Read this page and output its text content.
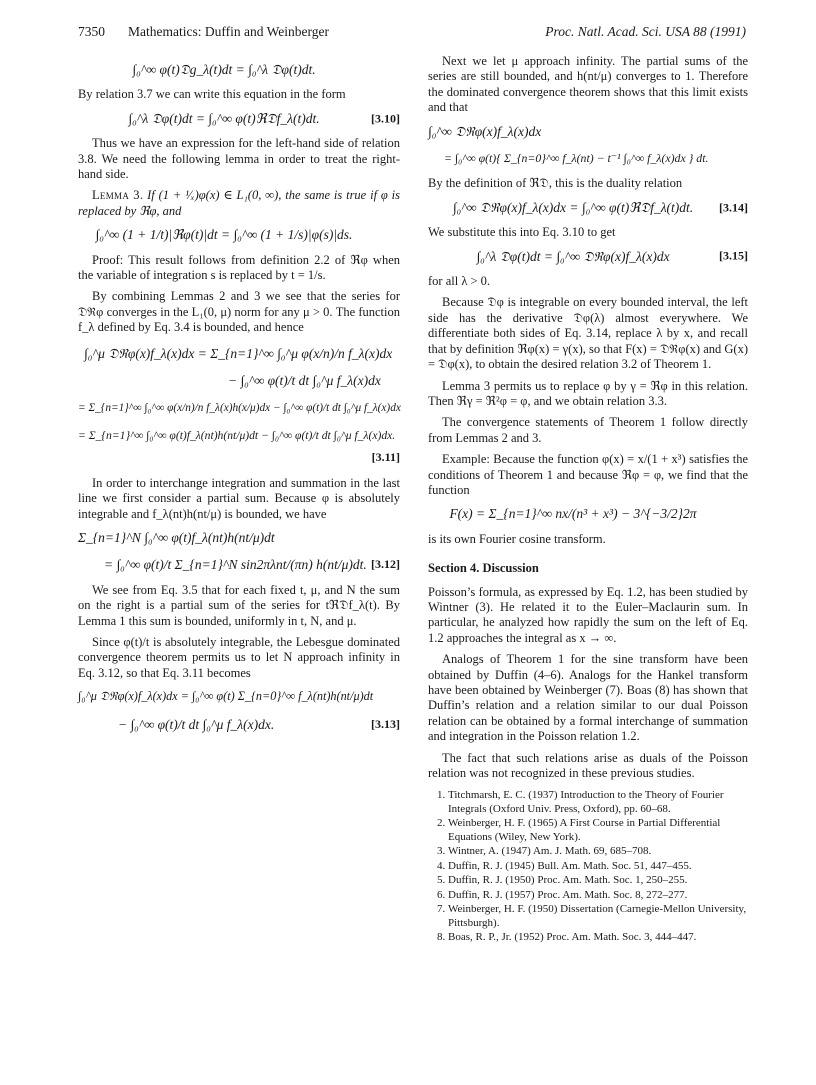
7350 Mathematics: Duffin and Weinberger	Proc. Natl. Acad. Sci. USA 88 (1991)
∫₀^∞ φ(t)𝔇g_λ(t)dt = ∫₀^λ 𝔇φ(t)dt.

By relation 3.7 we can write this equation in the form

∫₀^λ 𝔇φ(t)dt = ∫₀^∞ φ(t)ℜ𝔇f_λ(t)dt.	[3.10]

Thus we have an expression for the left-hand side of relation 3.8. We need the following lemma in order to treat the right-hand side.

Lemma 3. If (1 + ¹⁄ₓ)φ(x) ∈ L₁(0, ∞), the same is true if φ is replaced by ℜφ, and

∫₀^∞ (1 + 1/t)|ℜφ(t)|dt = ∫₀^∞ (1 + 1/s)|φ(s)|ds.

Proof: This result follows from definition 2.2 of ℜφ when the variable of integration s is replaced by t = 1/s.

By combining Lemmas 2 and 3 we see that the series for 𝔇ℜφ converges in the L₁(0, μ) norm for any μ > 0. The function f_λ defined by Eq. 3.4 is bounded, and hence

∫₀^μ 𝔇ℜφ(x)f_λ(x)dx = Σ_{n=1}^∞ ∫₀^μ φ(x/n)/n f_λ(x)dx
− ∫₀^∞ φ(t)/t dt ∫₀^μ f_λ(x)dx
= Σ_{n=1}^∞ ∫₀^∞ φ(x/n)/n f_λ(x)h(x/μ)dx − ∫₀^∞ φ(t)/t dt ∫₀^μ f_λ(x)dx
= Σ_{n=1}^∞ ∫₀^∞ φ(t)f_λ(nt)h(nt/μ)dt − ∫₀^∞ φ(t)/t dt ∫₀^μ f_λ(x)dx.
[3.11]

In order to interchange integration and summation in the last line we first consider a partial sum. Because φ is absolutely integrable and f_λ(nt)h(nt/μ) is bounded, we have

Σ_{n=1}^N ∫₀^∞ φ(t)f_λ(nt)h(nt/μ)dt
= ∫₀^∞ φ(t)/t Σ_{n=1}^N sin2πλnt/(πn) h(nt/μ)dt. [3.12]

We see from Eq. 3.5 that for each fixed t, μ, and N the sum on the right is a partial sum of the series for tℜ𝔇f_λ(t). By Lemma 1 this sum is bounded, uniformly in t, N, and μ.

Since φ(t)/t is absolutely integrable, the Lebesgue dominated convergence theorem permits us to let N approach infinity in Eq. 3.12, so that Eq. 3.11 becomes

∫₀^μ 𝔇ℜφ(x)f_λ(x)dx = ∫₀^∞ φ(t) Σ_{n=0}^∞ f_λ(nt)h(nt/μ)dt
− ∫₀^∞ φ(t)/t dt ∫₀^μ f_λ(x)dx.	[3.13]

Next we let μ approach infinity. The partial sums of the series are still bounded, and h(nt/μ) converges to 1. Therefore the dominated convergence theorem shows that this limit exists and that

∫₀^∞ 𝔇ℜφ(x)f_λ(x)dx
= ∫₀^∞ φ(t){ Σ_{n=0}^∞ f_λ(nt) − t⁻¹ ∫₀^∞ f_λ(x)dx } dt.

By the definition of ℜ𝔇, this is the duality relation

∫₀^∞ 𝔇ℜφ(x)f_λ(x)dx = ∫₀^∞ φ(t)ℜ𝔇f_λ(t)dt. [3.14]

We substitute this into Eq. 3.10 to get

∫₀^λ 𝔇φ(t)dt = ∫₀^∞ 𝔇ℜφ(x)f_λ(x)dx	[3.15]

for all λ > 0.

Because 𝔇φ is integrable on every bounded interval, the left side has the derivative 𝔇φ(λ) almost everywhere. We differentiate both sides of Eq. 3.14, replace λ by x, and recall that by definition ℜφ(x) = γ(x), so that F(x) = 𝔇ℜφ(x) and G(x) = 𝔇φ(x), to obtain the desired relation 3.2 of Theorem 1.

Lemma 3 permits us to replace φ by γ = ℜφ in this relation. Then ℜγ = ℜ²φ = φ, and we obtain relation 3.3.

The convergence statements of Theorem 1 follow directly from Lemmas 2 and 3.

Example: Because the function φ(x) = x/(1 + x³) satisfies the conditions of Theorem 1 and because ℜφ = φ, we find that the function

F(x) = Σ_{n=1}^∞ nx/(n³ + x³) − 3^{−3/2}2π

is its own Fourier cosine transform.

Section 4. Discussion

Poisson’s formula, as expressed by Eq. 1.2, has been studied by Wintner (3). He related it to the Euler–Maclaurin sum. In particular, he analyzed how rapidly the sum on the left of Eq. 1.2 approaches the integral as x → ∞.

Analogs of Theorem 1 for the sine transform have been obtained by Duffin (4–6). Analogs for the Hankel transform have been obtained by Weinberger (7). Boas (8) has shown that Duffin’s relation and a relation similar to our dual Poisson relation can be obtained by a formal interchange of summation and integration in the Poisson relation 1.2.

The fact that such relations arise as duals of the Poisson relation was not recognized in these previous studies.

1. Titchmarsh, E. C. (1937) Introduction to the Theory of Fourier Integrals (Oxford Univ. Press, Oxford), pp. 60–68.
2. Weinberger, H. F. (1965) A First Course in Partial Differential Equations (Wiley, New York).
3. Wintner, A. (1947) Am. J. Math. 69, 685–708.
4. Duffin, R. J. (1945) Bull. Am. Math. Soc. 51, 447–455.
5. Duffin, R. J. (1950) Proc. Am. Math. Soc. 1, 250–255.
6. Duffin, R. J. (1957) Proc. Am. Math. Soc. 8, 272–277.
7. Weinberger, H. F. (1950) Dissertation (Carnegie-Mellon University, Pittsburgh).
8. Boas, R. P., Jr. (1952) Proc. Am. Math. Soc. 3, 444–447.
